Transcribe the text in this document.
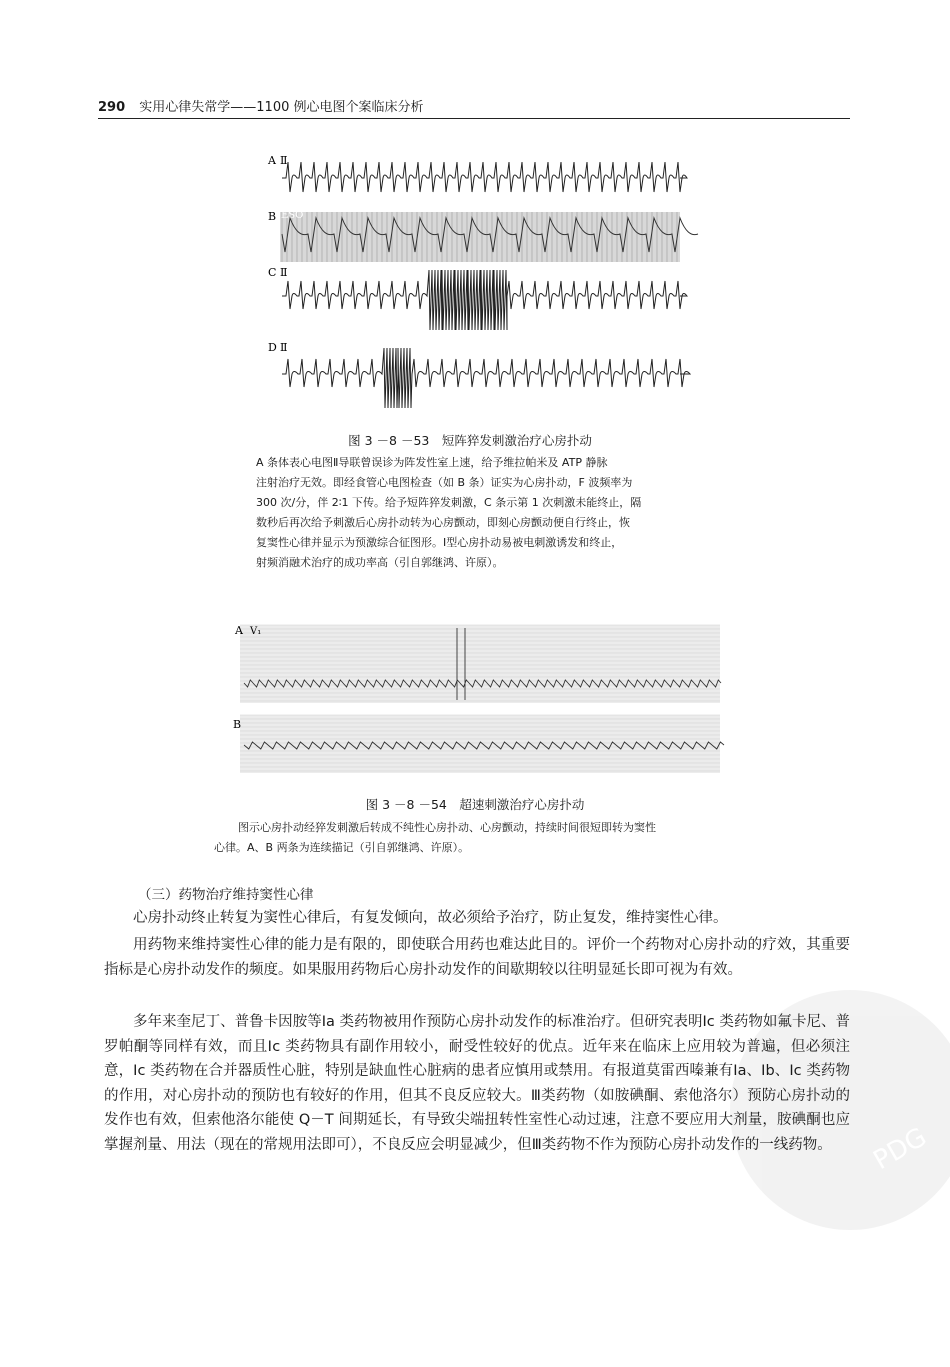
290 实用心律失常学——1100 例心电图个案临床分析
A Ⅱ
B ESO
C Ⅱ
D Ⅱ
A V₁
B
PDG
图 3 －8 －53　短阵猝发刺激治疗心房扑动
A 条体表心电图Ⅱ导联曾误诊为阵发性室上速，给予维拉帕米及 ATP 静脉
注射治疗无效。即经食管心电图检查（如 B 条）证实为心房扑动，F 波频率为
300 次/分，伴 2∶1 下传。给予短阵猝发刺激，C 条示第 1 次刺激未能终止，隔
数秒后再次给予刺激后心房扑动转为心房颤动，即刻心房颤动便自行终止，恢
复窦性心律并显示为预激综合征图形。Ⅰ型心房扑动易被电刺激诱发和终止，
射频消融术治疗的成功率高（引自郭继鸿、许原）。
图 3 －8 －54　超速刺激治疗心房扑动
图示心房扑动经猝发刺激后转成不纯性心房扑动、心房颤动，持续时间很短即转为窦性
心律。A、B 两条为连续描记（引自郭继鸿、许原）。
（三）药物治疗维持窦性心律
心房扑动终止转复为窦性心律后，有复发倾向，故必须给予治疗，防止复发，维持窦性心律。
用药物来维持窦性心律的能力是有限的，即使联合用药也难达此目的。评价一个药物对心房扑动的疗效，其重要指标是心房扑动发作的频度。如果服用药物后心房扑动发作的间歇期较以往明显延长即可视为有效。
多年来奎尼丁、普鲁卡因胺等Ⅰa 类药物被用作预防心房扑动发作的标准治疗。但研究表明Ⅰc 类药物如氟卡尼、普罗帕酮等同样有效，而且Ⅰc 类药物具有副作用较小，耐受性较好的优点。近年来在临床上应用较为普遍，但必须注意，Ⅰc 类药物在合并器质性心脏，特别是缺血性心脏病的患者应慎用或禁用。有报道莫雷西嗪兼有Ⅰa、Ⅰb、Ⅰc 类药物的作用，对心房扑动的预防也有较好的作用，但其不良反应较大。Ⅲ类药物（如胺碘酮、索他洛尔）预防心房扑动的发作也有效，但索他洛尔能使 Q－T 间期延长，有导致尖端扭转性室性心动过速，注意不要应用大剂量，胺碘酮也应掌握剂量、用法（现在的常规用法即可），不良反应会明显减少，但Ⅲ类药物不作为预防心房扑动发作的一线药物。
